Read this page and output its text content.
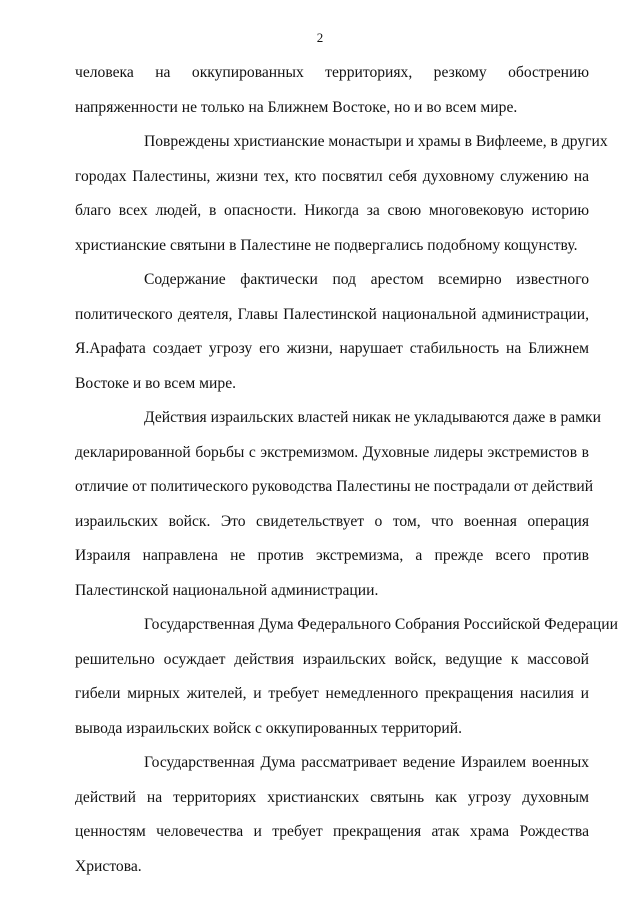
2
человека на оккупированных территориях, резкому обострению
напряженности не только на Ближнем Востоке, но и во всем мире.
Повреждены христианские монастыри и храмы в Вифлееме, в других
городах Палестины, жизни тех, кто посвятил себя духовному служению на
благо всех людей, в опасности. Никогда за свою многовековую историю
христианские святыни в Палестине не подвергались подобному кощунству.
Содержание фактически под арестом всемирно известного
политического деятеля, Главы Палестинской национальной администрации,
Я.Арафата создает угрозу его жизни, нарушает стабильность на Ближнем
Востоке и во всем мире.
Действия израильских властей никак не укладываются даже в рамки
декларированной борьбы с экстремизмом. Духовные лидеры экстремистов в
отличие от политического руководства Палестины не пострадали от действий
израильских войск. Это свидетельствует о том, что военная операция
Израиля направлена не против экстремизма, а прежде всего против
Палестинской национальной администрации.
Государственная Дума Федерального Собрания Российской Федерации
решительно осуждает действия израильских войск, ведущие к массовой
гибели мирных жителей, и требует немедленного прекращения насилия и
вывода израильских войск с оккупированных территорий.
Государственная Дума рассматривает ведение Израилем военных
действий на территориях христианских святынь как угрозу духовным
ценностям человечества и требует прекращения атак храма Рождества
Христова.
